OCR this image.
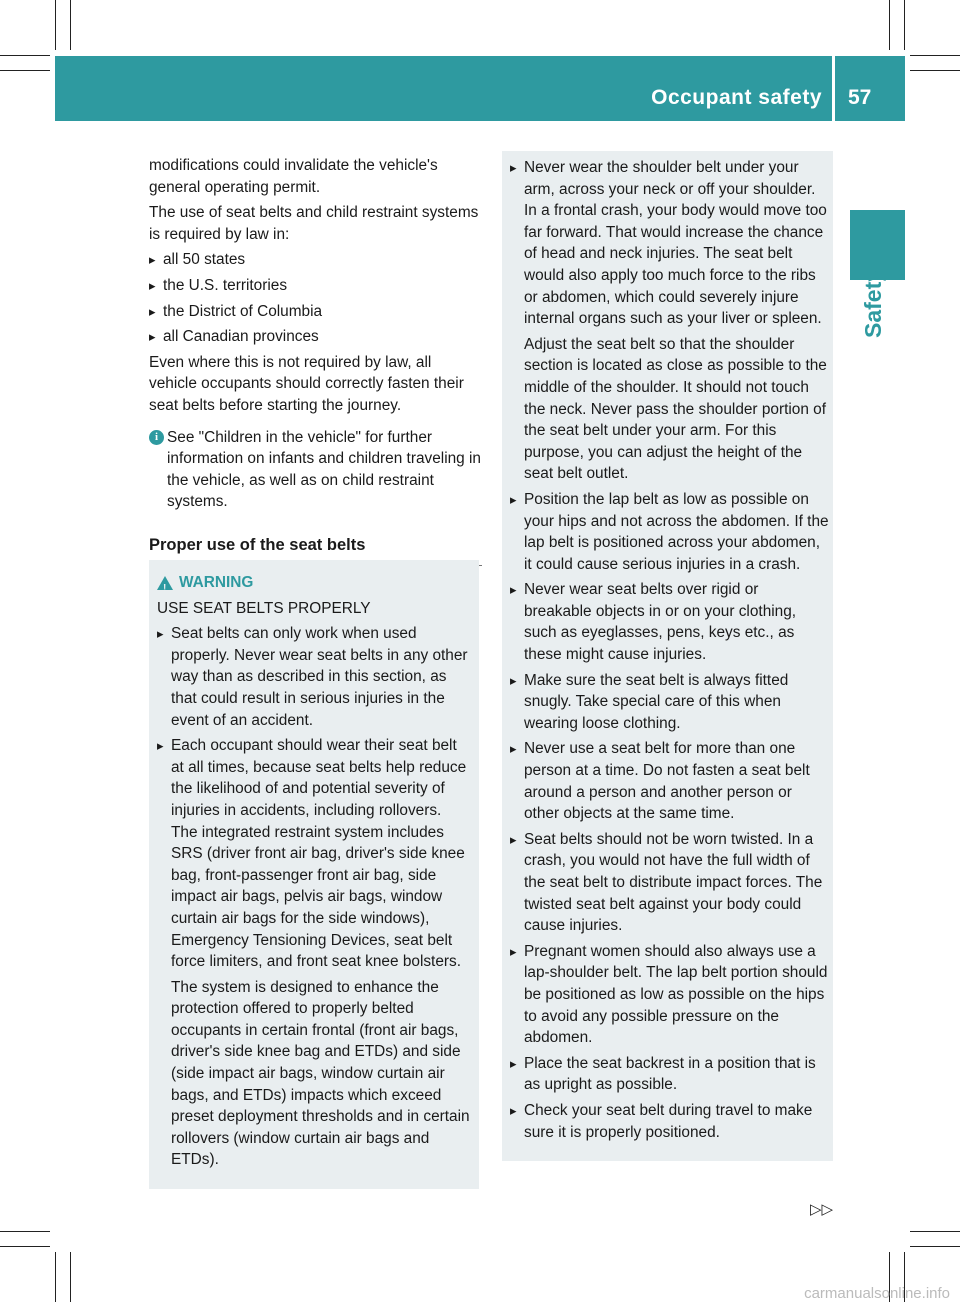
Occupant safety 57
Safety

modifications could invalidate the vehicle's general operating permit.

The use of seat belts and child restraint systems is required by law in:

▸ all 50 states
▸ the U.S. territories
▸ the District of Columbia
▸ all Canadian provinces

Even where this is not required by law, all vehicle occupants should correctly fasten their seat belts before starting the journey.

i See "Children in the vehicle" for further information on infants and children traveling in the vehicle, as well as on child restraint systems.
Proper use of the seat belts
!
WARNING

USE SEAT BELTS PROPERLY

▸ Seat belts can only work when used properly. Never wear seat belts in any other way than as described in this section, as that could result in serious injuries in the event of an accident.
▸ Each occupant should wear their seat belt at all times, because seat belts help reduce the likelihood of and potential severity of injuries in accidents, including rollovers. The integrated restraint system includes SRS (driver front air bag, driver's side knee bag, front-passenger front air bag, side impact air bags, pelvis air bags, window curtain air bags for the side windows), Emergency Tensioning Devices, seat belt force limiters, and front seat knee bolsters.
The system is designed to enhance the protection offered to properly belted occupants in certain frontal (front air bags, driver's side knee bag and ETDs) and side (side impact air bags, window curtain air bags, and ETDs) impacts which exceed preset deployment thresholds and in certain rollovers (window curtain air bags and ETDs).
▸ Never wear the shoulder belt under your arm, across your neck or off your shoulder. In a frontal crash, your body would move too far forward. That would increase the chance of head and neck injuries. The seat belt would also apply too much force to the ribs or abdomen, which could severely injure internal organs such as your liver or spleen.
Adjust the seat belt so that the shoulder section is located as close as possible to the middle of the shoulder. It should not touch the neck. Never pass the shoulder portion of the seat belt under your arm. For this purpose, you can adjust the height of the seat belt outlet.
▸ Position the lap belt as low as possible on your hips and not across the abdomen. If the lap belt is positioned across your abdomen, it could cause serious injuries in a crash.
▸ Never wear seat belts over rigid or breakable objects in or on your clothing, such as eyeglasses, pens, keys etc., as these might cause injuries.
▸ Make sure the seat belt is always fitted snugly. Take special care of this when wearing loose clothing.
▸ Never use a seat belt for more than one person at a time. Do not fasten a seat belt around a person and another person or other objects at the same time.
▸ Seat belts should not be worn twisted. In a crash, you would not have the full width of the seat belt to distribute impact forces. The twisted seat belt against your body could cause injuries.
▸ Pregnant women should also always use a lap-shoulder belt. The lap belt portion should be positioned as low as possible on the hips to avoid any possible pressure on the abdomen.
▸ Place the seat backrest in a position that is as upright as possible.
▸ Check your seat belt during travel to make sure it is properly positioned.
▷▷
carmanualsonline.info
